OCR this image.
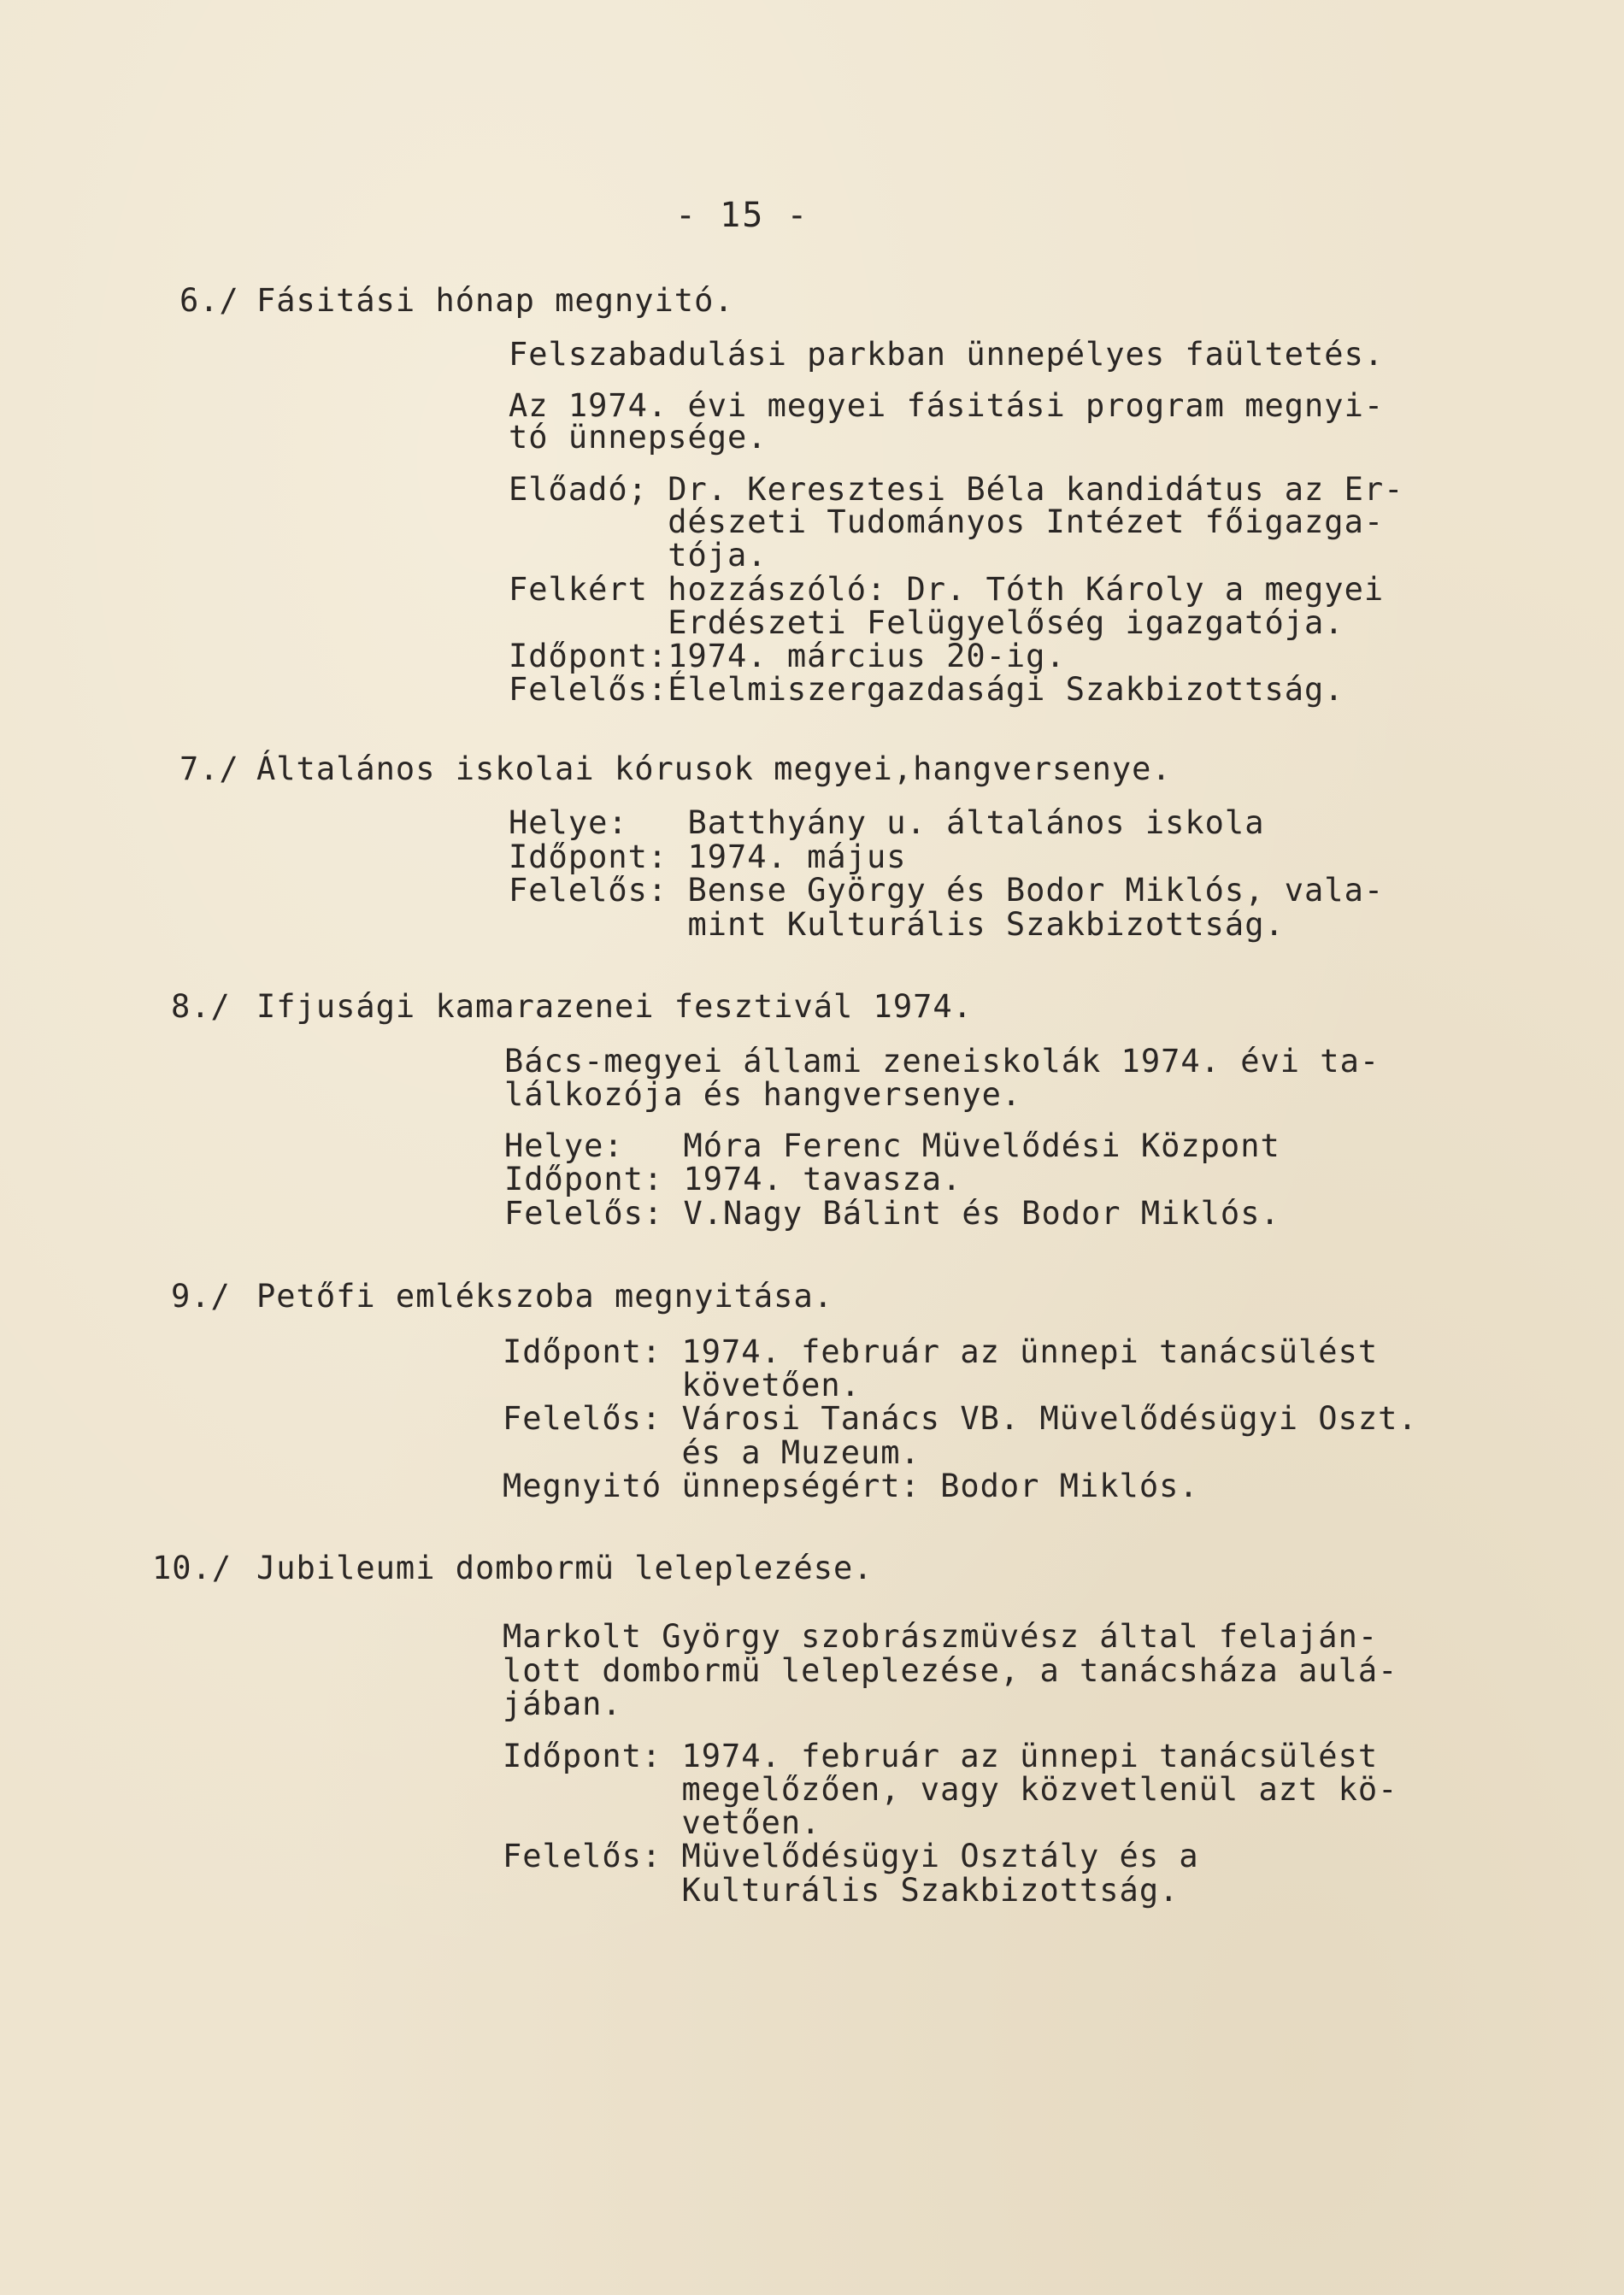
- 15 -
6./ Fásitási hónap megnyitó.
Felszabadulási parkban ünnepélyes faültetés.
Az 1974. évi megyei fásitási program megnyi-
tó ünnepsége.
Előadó; Dr. Keresztesi Béla kandidátus az Er-
dészeti Tudományos Intézet főigazga-
tója.
Felkért hozzászóló: Dr. Tóth Károly a megyei
Erdészeti Felügyelőség igazgatója.
Időpont:1974. március 20-ig.
Felelős:Élelmiszergazdasági Szakbizottság.
7./ Általános iskolai kórusok megyei,hangversenye.
Helye:   Batthyány u. általános iskola
Időpont: 1974. május
Felelős: Bense György és Bodor Miklós, vala-
mint Kulturális Szakbizottság.
8./ Ifjusági kamarazenei fesztivál 1974.
Bács-megyei állami zeneiskolák 1974. évi ta-
lálkozója és hangversenye.
Helye:   Móra Ferenc Müvelődési Központ
Időpont: 1974. tavasza.
Felelős: V.Nagy Bálint és Bodor Miklós.
9./ Petőfi emlékszoba megnyitása.
Időpont: 1974. február az ünnepi tanácsülést
követően.
Felelős: Városi Tanács VB. Müvelődésügyi Oszt.
és a Muzeum.
Megnyitó ünnepségért: Bodor Miklós.
10./ Jubileumi dombormü leleplezése.
Markolt György szobrászmüvész által felaján-
lott dombormü leleplezése, a tanácsháza aulá-
jában.
Időpont: 1974. február az ünnepi tanácsülést
megelőzően, vagy közvetlenül azt kö-
vetően.
Felelős: Müvelődésügyi Osztály és a
Kulturális Szakbizottság.
